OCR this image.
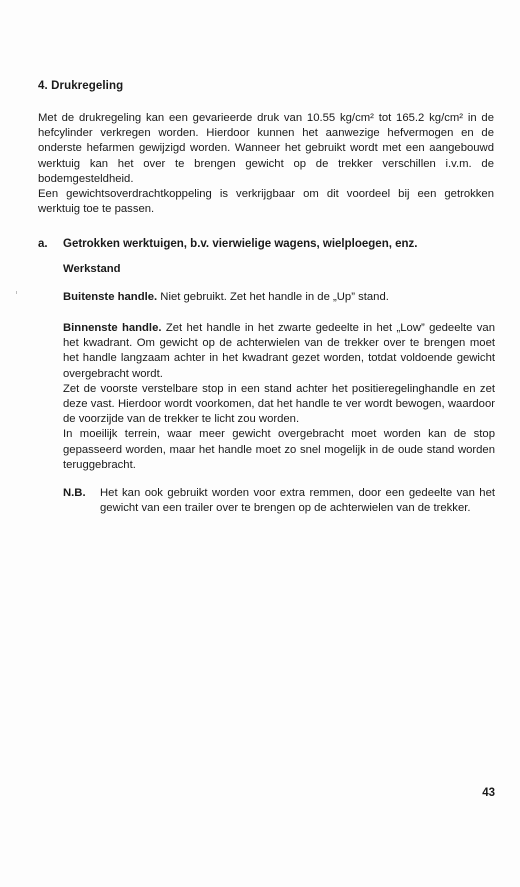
4. Drukregeling

Met de drukregeling kan een gevarieerde druk van 10.55 kg/cm² tot 165.2 kg/cm² in de hefcylinder verkregen worden. Hierdoor kunnen het aanwezige hefvermogen en de onderste hefarmen gewijzigd worden. Wanneer het gebruikt wordt met een aangebouwd werktuig kan het over te brengen gewicht op de trekker verschillen i.v.m. de bodemgesteldheid.

Een gewichtsoverdrachtkoppeling is verkrijgbaar om dit voordeel bij een getrokken werktuig toe te passen.

a. Getrokken werktuigen, b.v. vierwielige wagens, wielploegen, enz.
Werkstand
Buitenste handle. Niet gebruikt. Zet het handle in de „Up” stand.

Binnenste handle. Zet het handle in het zwarte gedeelte in het „Low” gedeelte van het kwadrant. Om gewicht op de achterwielen van de trekker over te brengen moet het handle langzaam achter in het kwadrant gezet worden, totdat voldoende gewicht overgebracht wordt.

Zet de voorste verstelbare stop in een stand achter het positieregelinghandle en zet deze vast. Hierdoor wordt voorkomen, dat het handle te ver wordt bewogen, waardoor de voorzijde van de trekker te licht zou worden.

In moeilijk terrein, waar meer gewicht overgebracht moet worden kan de stop gepasseerd worden, maar het handle moet zo snel mogelijk in de oude stand worden teruggebracht.

N.B. Het kan ook gebruikt worden voor extra remmen, door een gedeelte van het gewicht van een trailer over te brengen op de achterwielen van de trekker.
43
